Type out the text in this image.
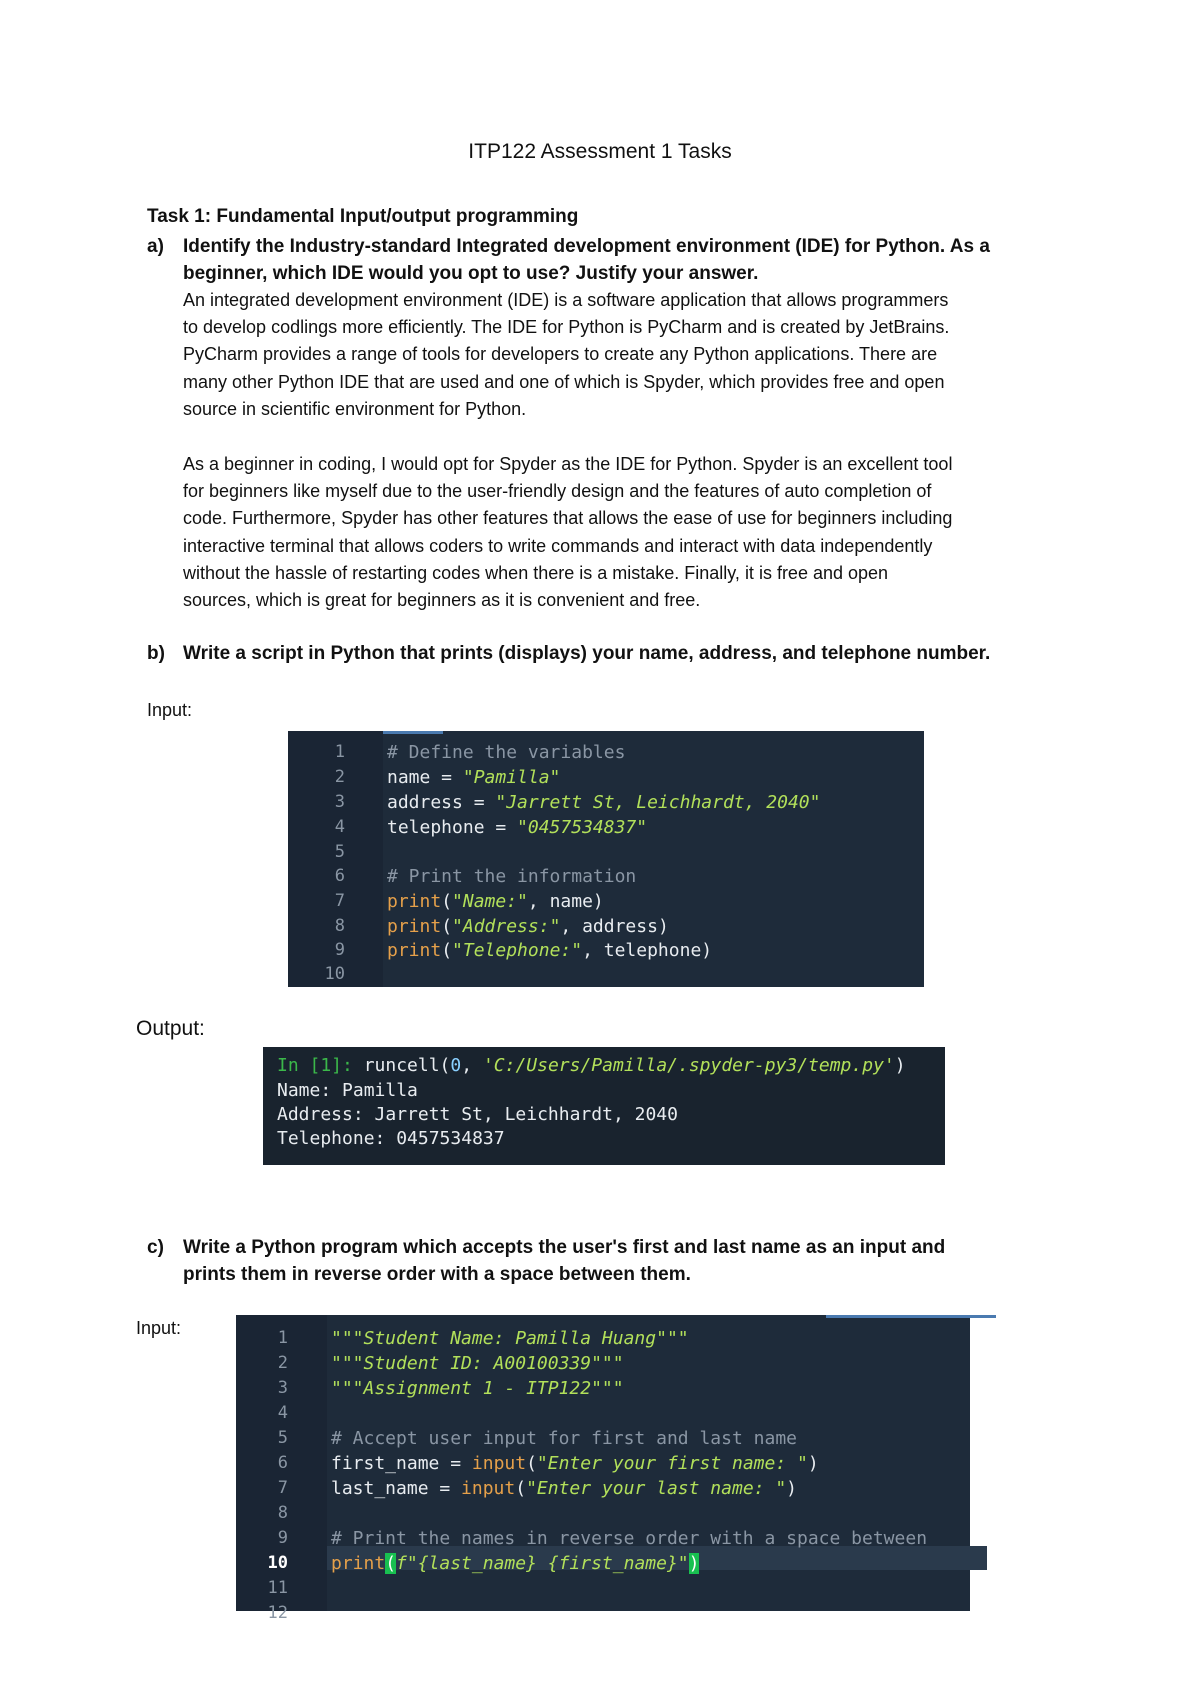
ITP122 Assessment 1 Tasks
Task 1: Fundamental Input/output programming
a) Identify the Industry-standard Integrated development environment (IDE) for Python. As a
beginner, which IDE would you opt to use? Justify your answer.
An integrated development environment (IDE) is a software application that allows programmers
to develop codlings more efficiently. The IDE for Python is PyCharm and is created by JetBrains.
PyCharm provides a range of tools for developers to create any Python applications. There are
many other Python IDE that are used and one of which is Spyder, which provides free and open
source in scientific environment for Python.
As a beginner in coding, I would opt for Spyder as the IDE for Python. Spyder is an excellent tool
for beginners like myself due to the user-friendly design and the features of auto completion of
code. Furthermore, Spyder has other features that allows the ease of use for beginners including
interactive terminal that allows coders to write commands and interact with data independently
without the hassle of restarting codes when there is a mistake. Finally, it is free and open
sources, which is great for beginners as it is convenient and free.
b) Write a script in Python that prints (displays) your name, address, and telephone number.
Input:
1
2
3
4
5
6
7
8
9
10
# Define the variables
name = "Pamilla"
address = "Jarrett St, Leichhardt, 2040"
telephone = "0457534837"
# Print the information
print("Name:", name)
print("Address:", address)
print("Telephone:", telephone)
Output:
In [1]: runcell(0, 'C:/Users/Pamilla/.spyder-py3/temp.py')
Name: Pamilla
Address: Jarrett St, Leichhardt, 2040
Telephone: 0457534837
c) Write a Python program which accepts the user's first and last name as an input and
prints them in reverse order with a space between them.
Input:	1
2
3
4
5
6
7
8
9
10
11
12
"""Student Name: Pamilla Huang"""
"""Student ID: A00100339"""
"""Assignment 1 - ITP122"""
# Accept user input for first and last name
first_name = input("Enter your first name: ")
last_name = input("Enter your last name: ")
# Print the names in reverse order with a space between
print(f"{last_name} {first_name}")
